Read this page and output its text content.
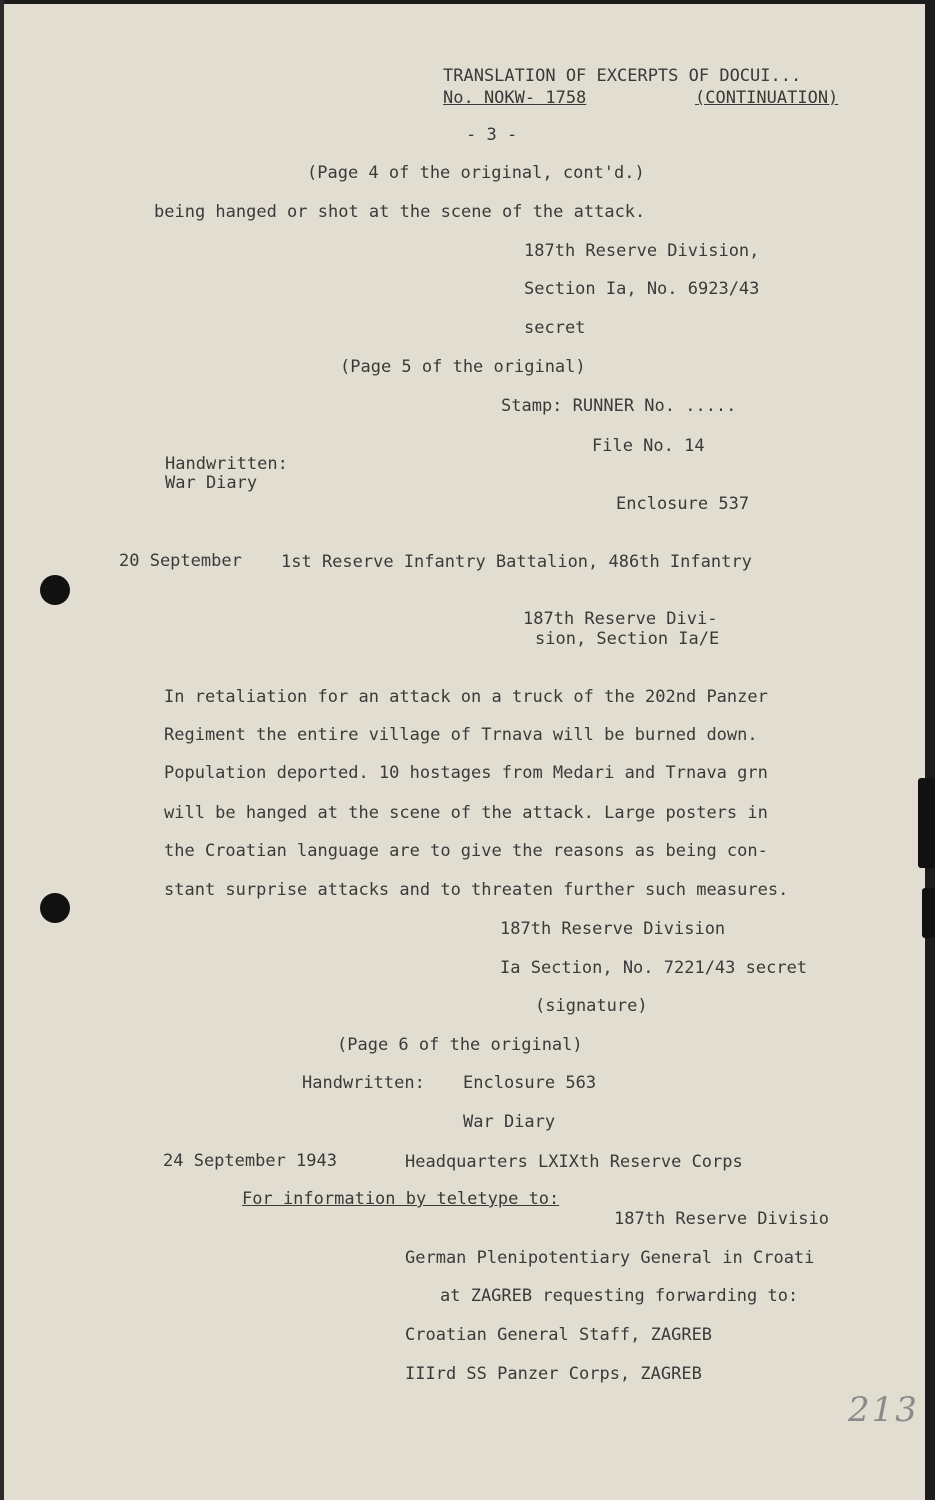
TRANSLATION OF EXCERPTS OF DOCUI...
No. NOKW- 1758	(CONTINUATION)
- 3 -
(Page 4 of the original, cont'd.)
being hanged or shot at the scene of the attack.
187th Reserve Division,
Section Ia, No. 6923/43
secret
(Page 5 of the original)
Stamp: RUNNER No. .....
File No. 14
Handwritten:
War Diary
Enclosure 537
20 September 1st Reserve Infantry Battalion, 486th Infantry
187th Reserve Divi-
sion, Section Ia/E
In retaliation for an attack on a truck of the 202nd Panzer
Regiment the entire village of Trnava will be burned down.
Population deported. 10 hostages from Medari and Trnava grn
will be hanged at the scene of the attack. Large posters in
the Croatian language are to give the reasons as being con-
stant surprise attacks and to threaten further such measures.
187th Reserve Division
Ia Section, No. 7221/43 secret
(signature)
(Page 6 of the original)
Handwritten: Enclosure 563
War Diary
24 September 1943	Headquarters LXIXth Reserve Corps
For information by teletype to:
187th Reserve Divisio
German Plenipotentiary General in Croati
at ZAGREB requesting forwarding to:
Croatian General Staff, ZAGREB
IIIrd SS Panzer Corps, ZAGREB
213
